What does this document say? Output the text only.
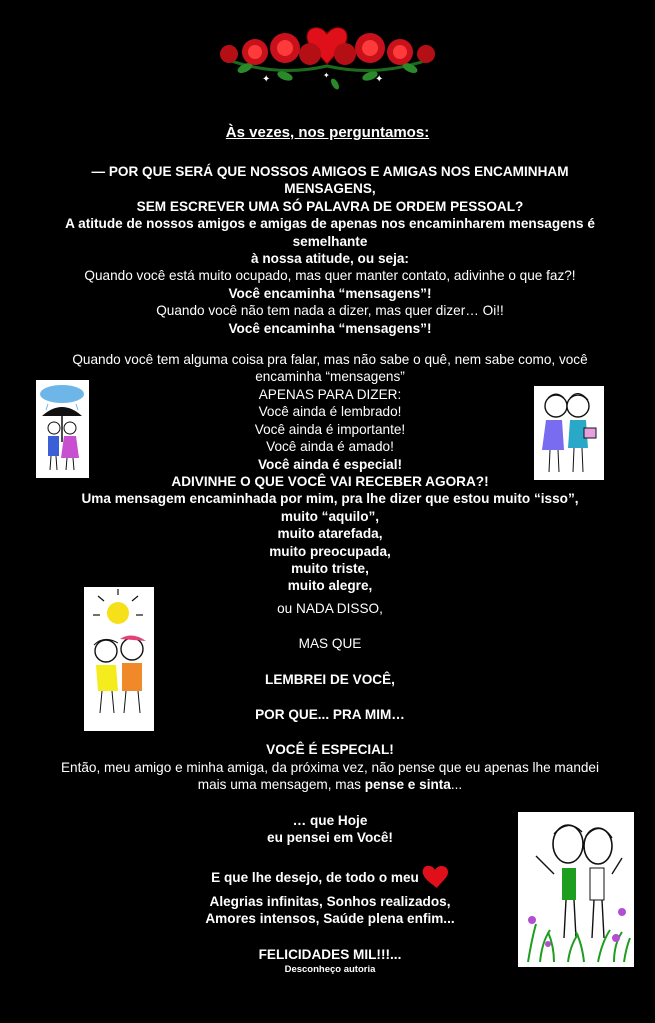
✦	✦
✦
Às vezes, nos perguntamos:
— POR QUE SERÁ QUE NOSSOS AMIGOS E AMIGAS NOS ENCAMINHAM
MENSAGENS,
SEM ESCREVER UMA SÓ PALAVRA DE ORDEM PESSOAL?
A atitude de nossos amigos e amigas de apenas nos encaminharem mensagens é
semelhante
à nossa atitude, ou seja:
Quando você está muito ocupado, mas quer manter contato, adivinhe o que faz?!
Você encaminha “mensagens”!
Quando você não tem nada a dizer, mas quer dizer… Oi!!
Você encaminha “mensagens”!
Quando você tem alguma coisa pra falar, mas não sabe o quê, nem sabe como, você
encaminha “mensagens”
APENAS PARA DIZER:
Você ainda é lembrado!
Você ainda é importante!
Você ainda é amado!
Você ainda é especial!
ADIVINHE O QUE VOCÊ VAI RECEBER AGORA?!
Uma mensagem encaminhada por mim, pra lhe dizer que estou muito “isso”,
muito “aquilo”,
muito atarefada,
muito preocupada,
muito triste,
muito alegre,
ou NADA DISSO,
MAS QUE
LEMBREI DE VOCÊ,
POR QUE... PRA MIM…
VOCÊ É ESPECIAL!
Então, meu amigo e minha amiga, da próxima vez, não pense que eu apenas lhe mandei
mais uma mensagem, mas pense e sinta...
… que Hoje
eu pensei em Você!
E que lhe desejo, de todo o meu
Alegrias infinitas, Sonhos realizados,
Amores intensos, Saúde plena enfim...
FELICIDADES MIL!!!...
Desconheço autoria
